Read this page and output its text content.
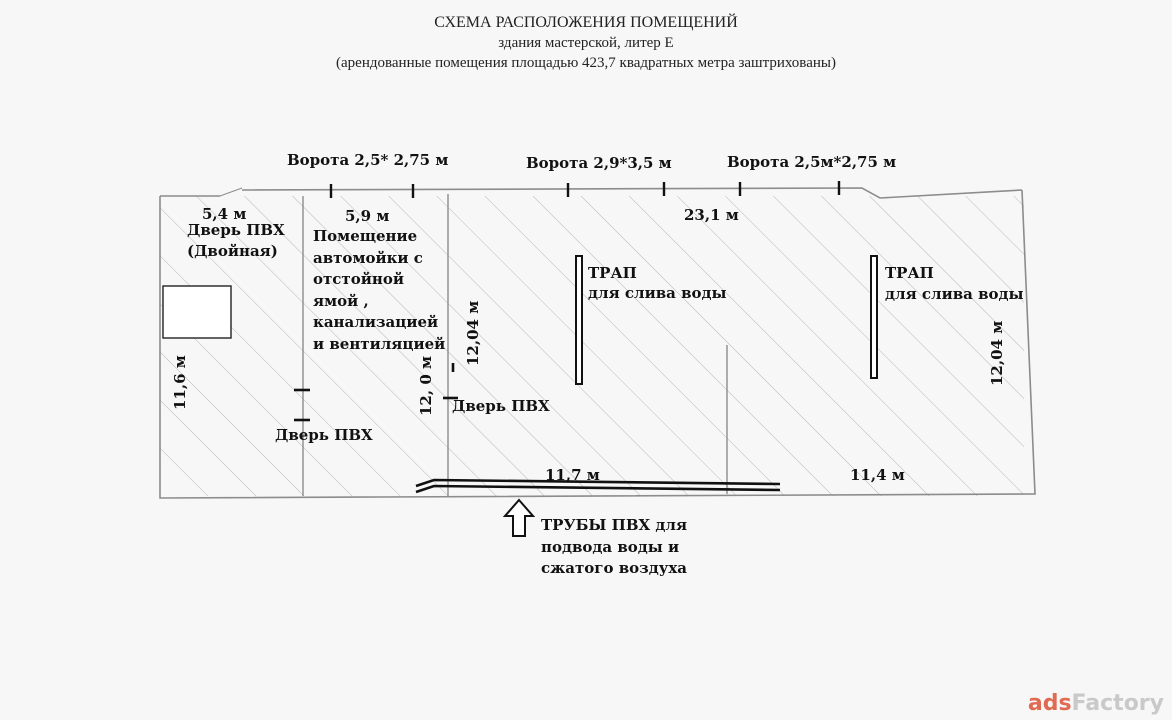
СХЕМА РАСПОЛОЖЕНИЯ ПОМЕЩЕНИЙ
здания мастерской, литер Е
(арендованные помещения площадью 423,7 квадратных метра заштрихованы)
Ворота 2,5* 2,75 м	Ворота 2,9*3,5 м	Ворота 2,5м*2,75 м
5,4 м	5,9 м	23,1 м
Дверь ПВХ
(Двойная)
Помещение
автомойки с
отстойной
ямой ,
канализацией
и вентиляцией
ТРАП
для слива воды
ТРАП
для слива воды
11,6 м	12, 0 м
12,04 м	12,04 м
Дверь ПВХ
Дверь ПВХ
11,7 м	11,4 м
ТРУБЫ ПВХ для
подвода воды и
сжатого воздуха
adsFactory
